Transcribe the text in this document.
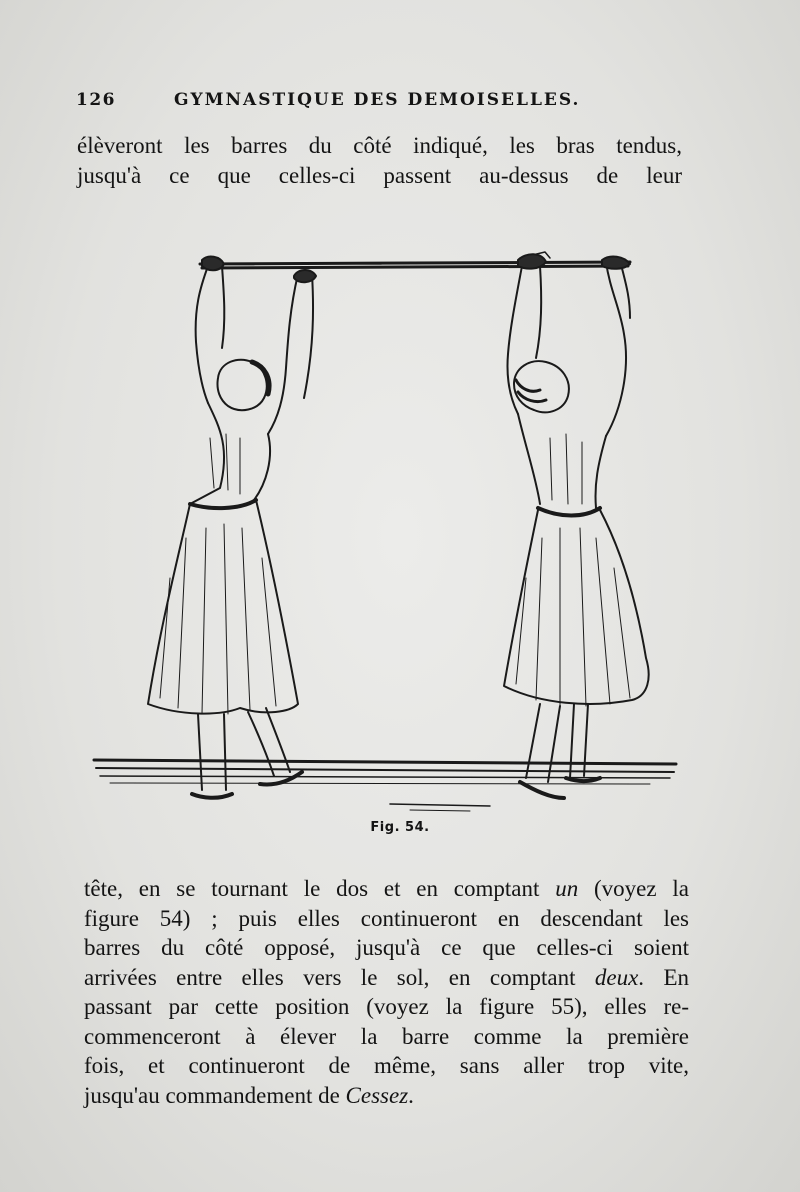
126	GYMNASTIQUE DES DEMOISELLES.
élèveront les barres du côté indiqué, les bras tendus,
jusqu'à ce que celles-ci passent au-dessus de leur
Fig. 54.
tête, en se tournant le dos et en comptant un (voyez la
figure 54) ; puis elles continueront en descendant les
barres du côté opposé, jusqu'à ce que celles-ci soient
arrivées entre elles vers le sol, en comptant deux. En
passant par cette position (voyez la figure 55), elles re-
commenceront à élever la barre comme la première
fois, et continueront de même, sans aller trop vite,
jusqu'au commandement de Cessez.
